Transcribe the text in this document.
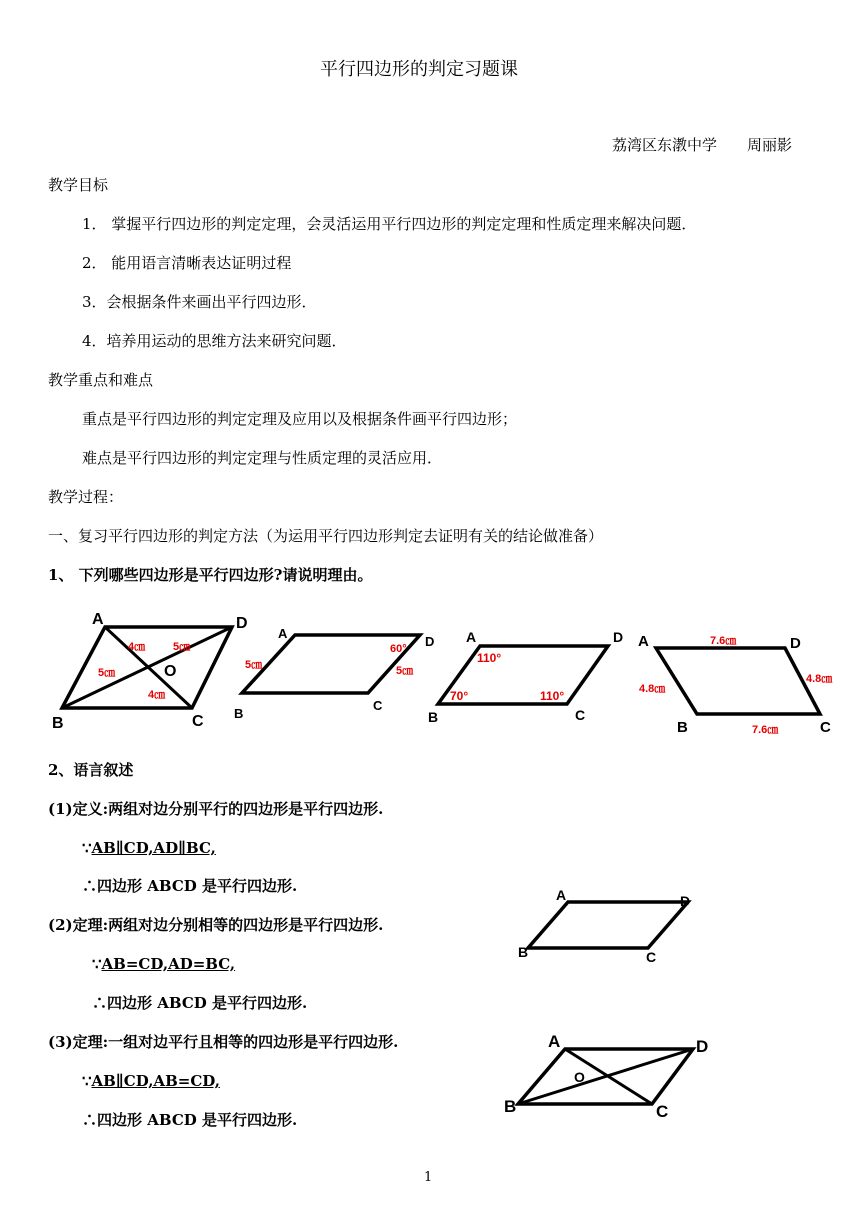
平行四边形的判定习题课
荔湾区东漖中学　　周丽影
教学目标
1． 掌握平行四边形的判定定理，会灵活运用平行四边形的判定定理和性质定理来解决问题．
2． 能用语言清晰表达证明过程
3．会根据条件来画出平行四边形．
4．培养用运动的思维方法来研究问题．
教学重点和难点
重点是平行四边形的判定定理及应用以及根据条件画平行四边形；
难点是平行四边形的判定定理与性质定理的灵活应用．
教学过程：
一、复习平行四边形的判定方法（为运用平行四边形判定去证明有关的结论做准备）
1、 下列哪些四边形是平行四边形?请说明理由。
A	D
B	C
O
4㎝	5㎝
5㎝
4㎝
A
D
B
C
5㎝
60°
5㎝
A	D
B	C
110°
70°	110°
A	D
B	C
7.6㎝
4.8㎝
4.8㎝
7.6㎝
A	D
B	C
A	D
B	C
O
2、语言叙述
(1)定义:两组对边分别平行的四边形是平行四边形.
∵AB∥CD,AD∥BC,
∴四边形 ABCD 是平行四边形.
(2)定理:两组对边分别相等的四边形是平行四边形.
∵AB=CD,AD=BC,
∴四边形 ABCD 是平行四边形.
(3)定理:一组对边平行且相等的四边形是平行四边形.
∵AB∥CD,AB=CD,
∴四边形 ABCD 是平行四边形.
1
